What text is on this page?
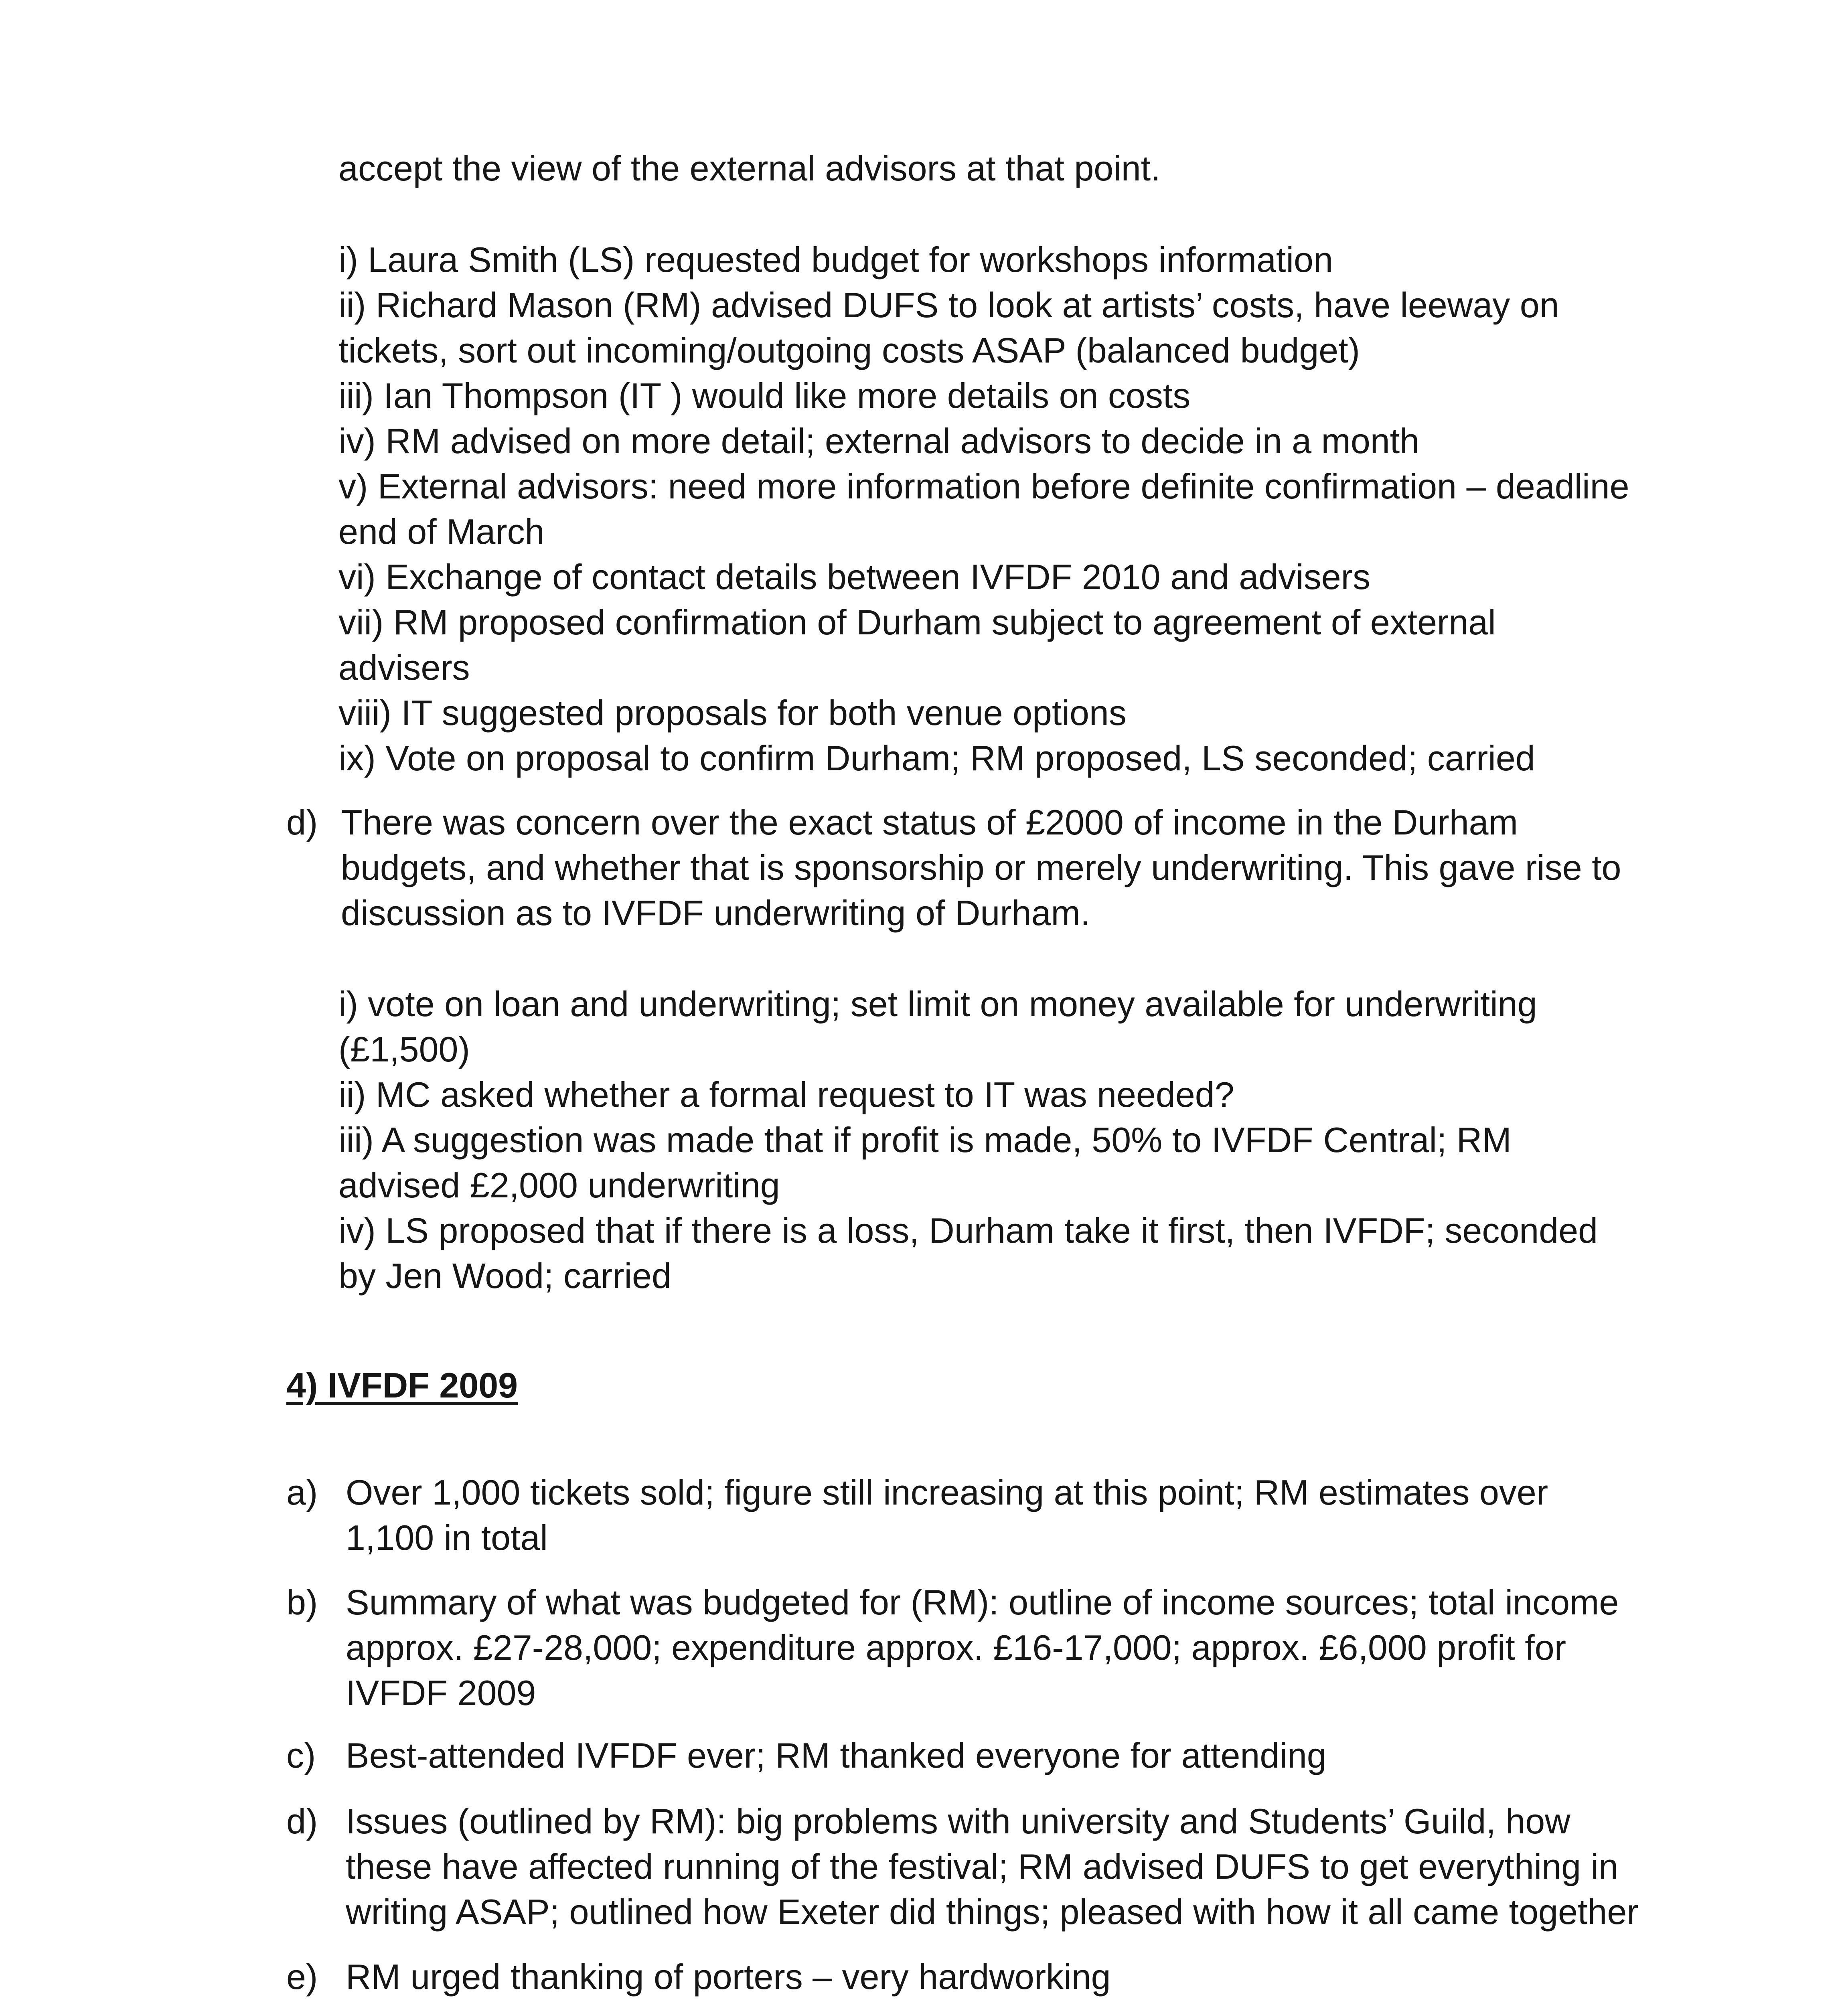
accept the view of the external advisors at that point.
i) Laura Smith (LS) requested budget for workshops information
ii) Richard Mason (RM) advised DUFS to look at artists’ costs, have leeway on
tickets, sort out incoming/outgoing costs ASAP (balanced budget)
iii) Ian Thompson (IT ) would like more details on costs
iv) RM advised on more detail; external advisors to decide in a month
v) External advisors: need more information before definite confirmation – deadline
end of March
vi) Exchange of contact details between IVFDF 2010 and advisers
vii) RM proposed confirmation of Durham subject to agreement of external
advisers
viii) IT suggested proposals for both venue options
ix) Vote on proposal to confirm Durham; RM proposed, LS seconded; carried
d) There was concern over the exact status of £2000 of income in the Durham
budgets, and whether that is sponsorship or merely underwriting. This gave rise to
discussion as to IVFDF underwriting of Durham.
i) vote on loan and underwriting; set limit on money available for underwriting
(£1,500)
ii) MC asked whether a formal request to IT was needed?
iii) A suggestion was made that if profit is made, 50% to IVFDF Central; RM
advised £2,000 underwriting
iv) LS proposed that if there is a loss, Durham take it first, then IVFDF; seconded
by Jen Wood; carried
4) IVFDF 2009
a) Over 1,000 tickets sold; figure still increasing at this point; RM estimates over
1,100 in total
b) Summary of what was budgeted for (RM): outline of income sources; total income
approx. £27-28,000; expenditure approx. £16-17,000; approx. £6,000 profit for
IVFDF 2009
c) Best-attended IVFDF ever; RM thanked everyone for attending
d) Issues (outlined by RM): big problems with university and Students’ Guild, how
these have affected running of the festival; RM advised DUFS to get everything in
writing ASAP; outlined how Exeter did things; pleased with how it all came together
e) RM urged thanking of porters – very hardworking
